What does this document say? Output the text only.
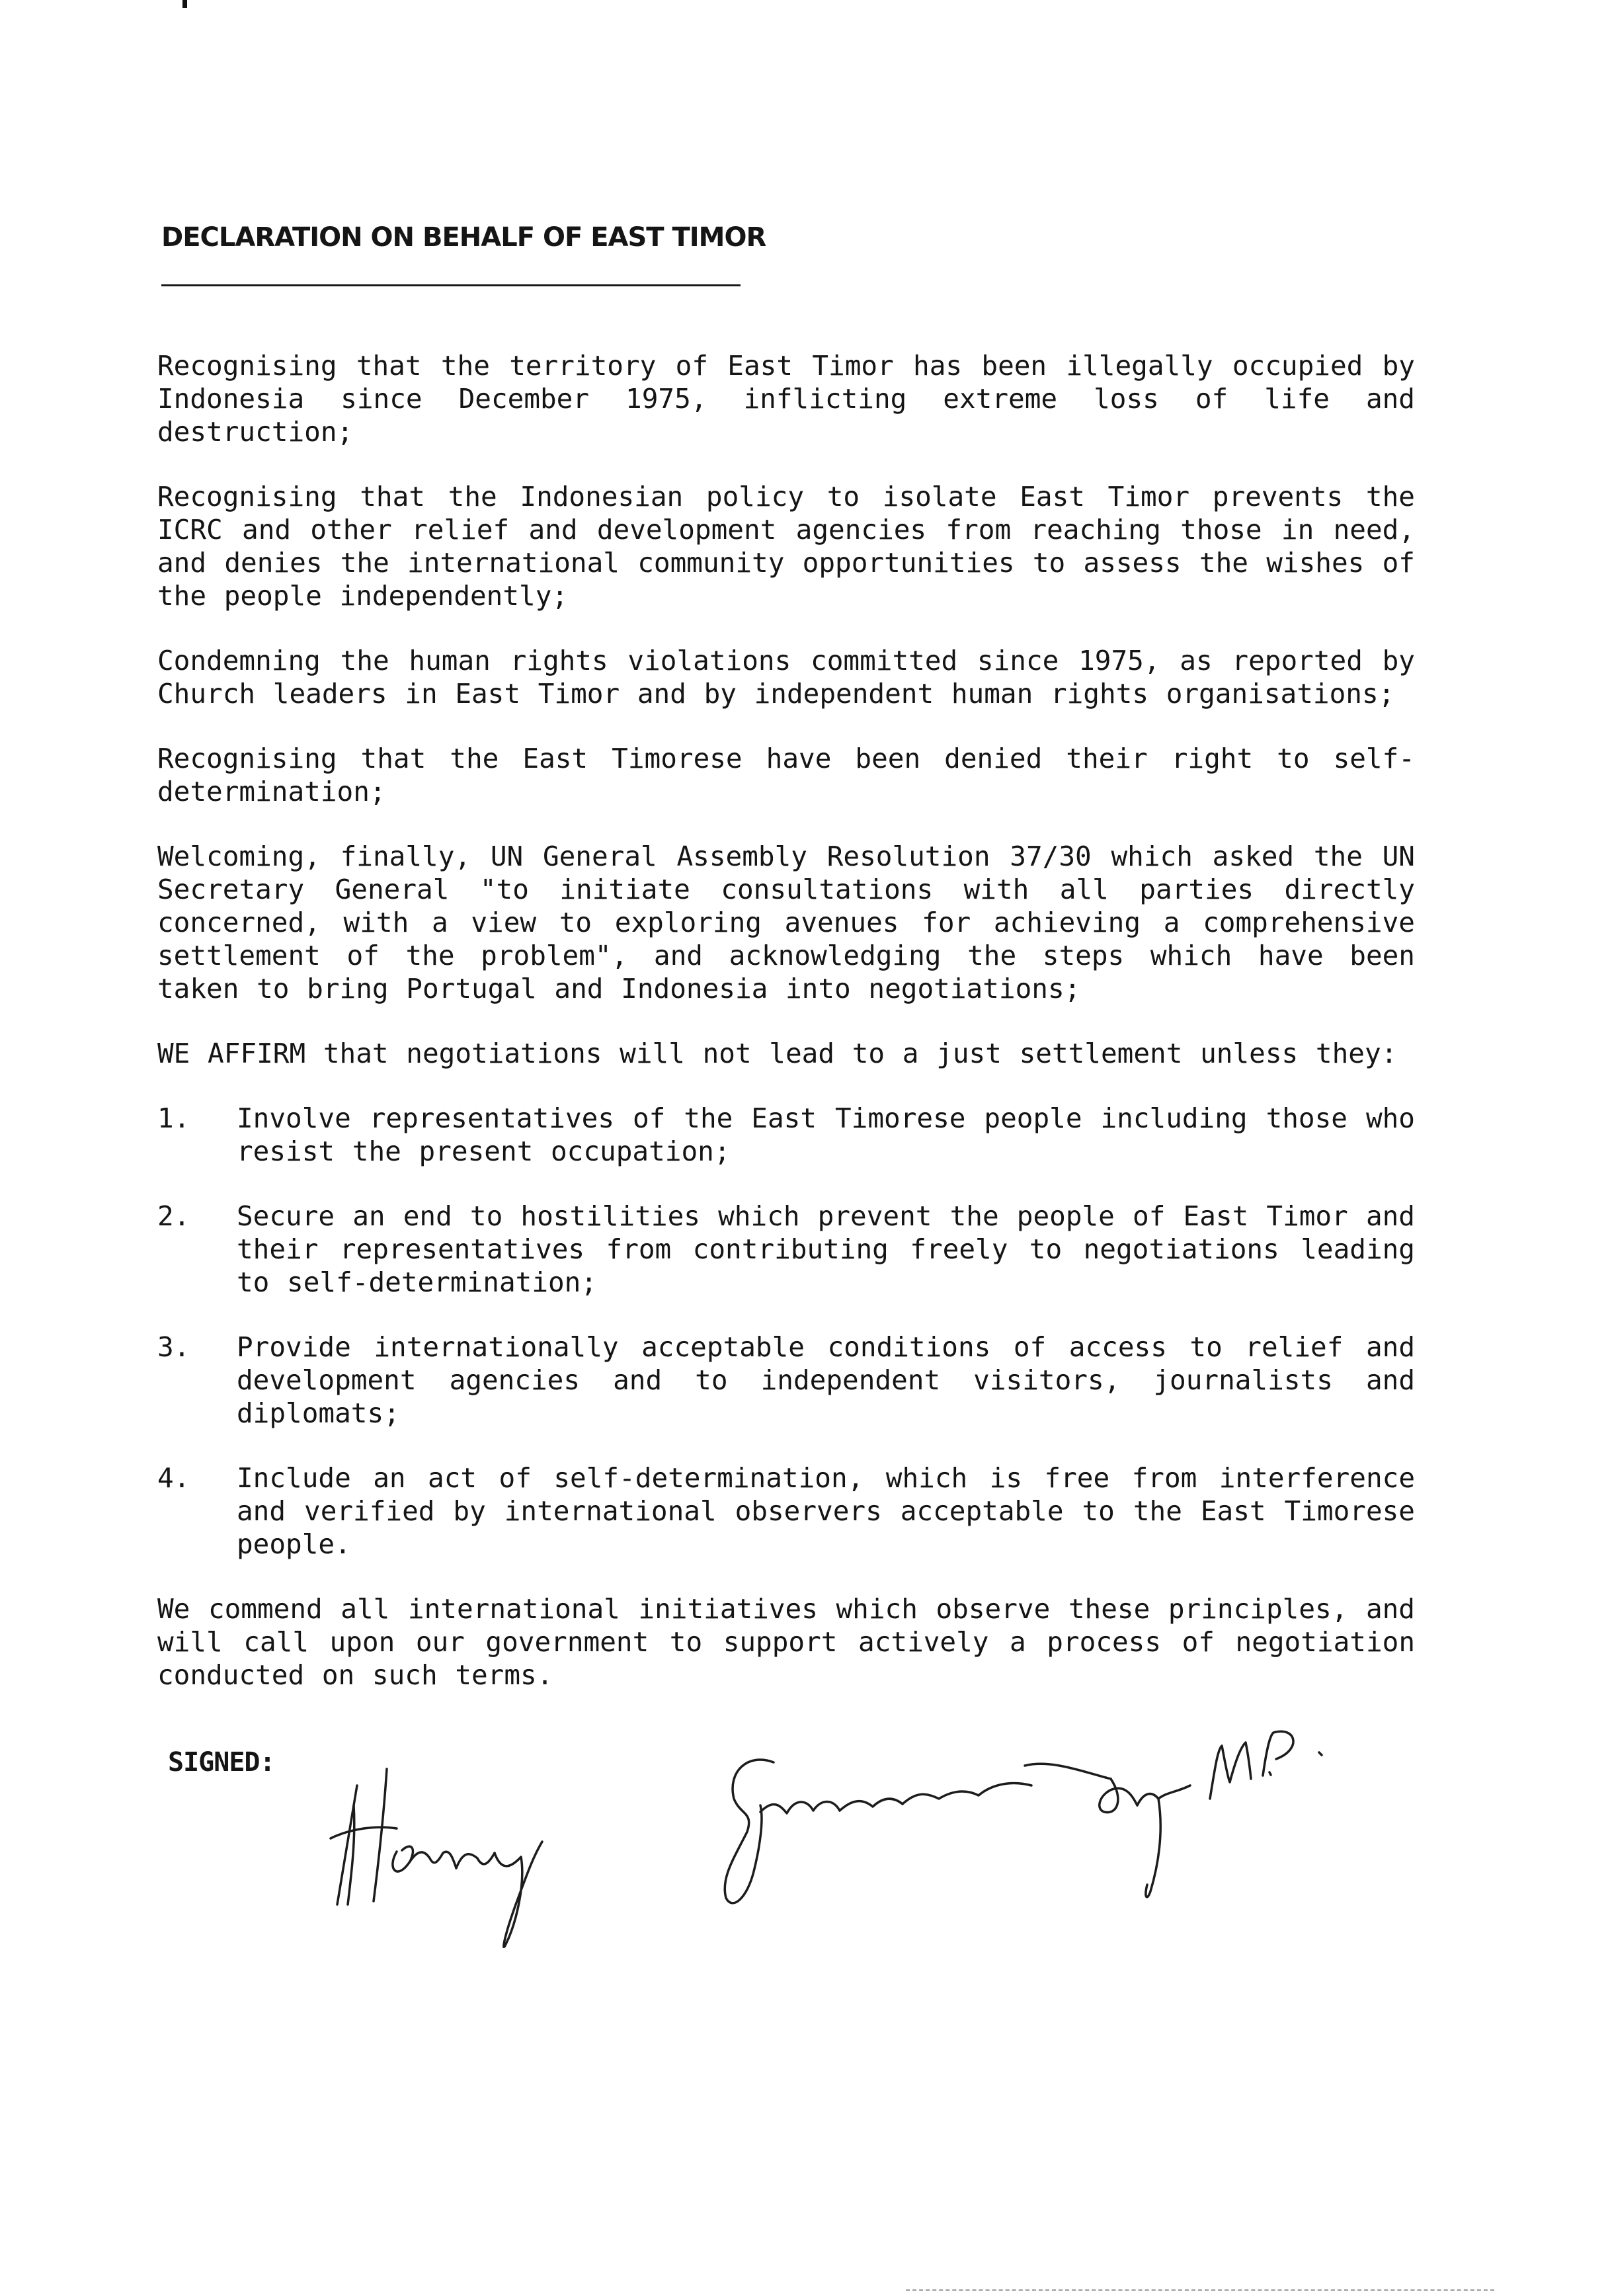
DECLARATION ON BEHALF OF EAST TIMOR

Recognising that the territory of East Timor has been illegally occupied by Indonesia since December 1975, inflicting extreme loss of life and destruction;

Recognising that the Indonesian policy to isolate East Timor prevents the ICRC and other relief and development agencies from reaching those in need, and denies the international community opportunities to assess the wishes of the people independently;

Condemning the human rights violations committed since 1975, as reported by Church leaders in East Timor and by independent human rights organisations;

Recognising that the East Timorese have been denied their right to self-determination;

Welcoming, finally, UN General Assembly Resolution 37/30 which asked the UN Secretary General "to initiate consultations with all parties directly concerned, with a view to exploring avenues for achieving a comprehensive settlement of the problem", and acknowledging the steps which have been taken to bring Portugal and Indonesia into negotiations;

WE AFFIRM that negotiations will not lead to a just settlement unless they:

1.	Involve representatives of the East Timorese people including those who resist the present occupation;
2.	Secure an end to hostilities which prevent the people of East Timor and their representatives from contributing freely to negotiations leading to self-determination;
3.	Provide internationally acceptable conditions of access to relief and development agencies and to independent visitors, journalists and diplomats;
4.	Include an act of self-determination, which is free from interference and verified by international observers acceptable to the East Timorese people.

We commend all international initiatives which observe these principles, and will call upon our government to support actively a process of negotiation conducted on such terms.

SIGNED:
